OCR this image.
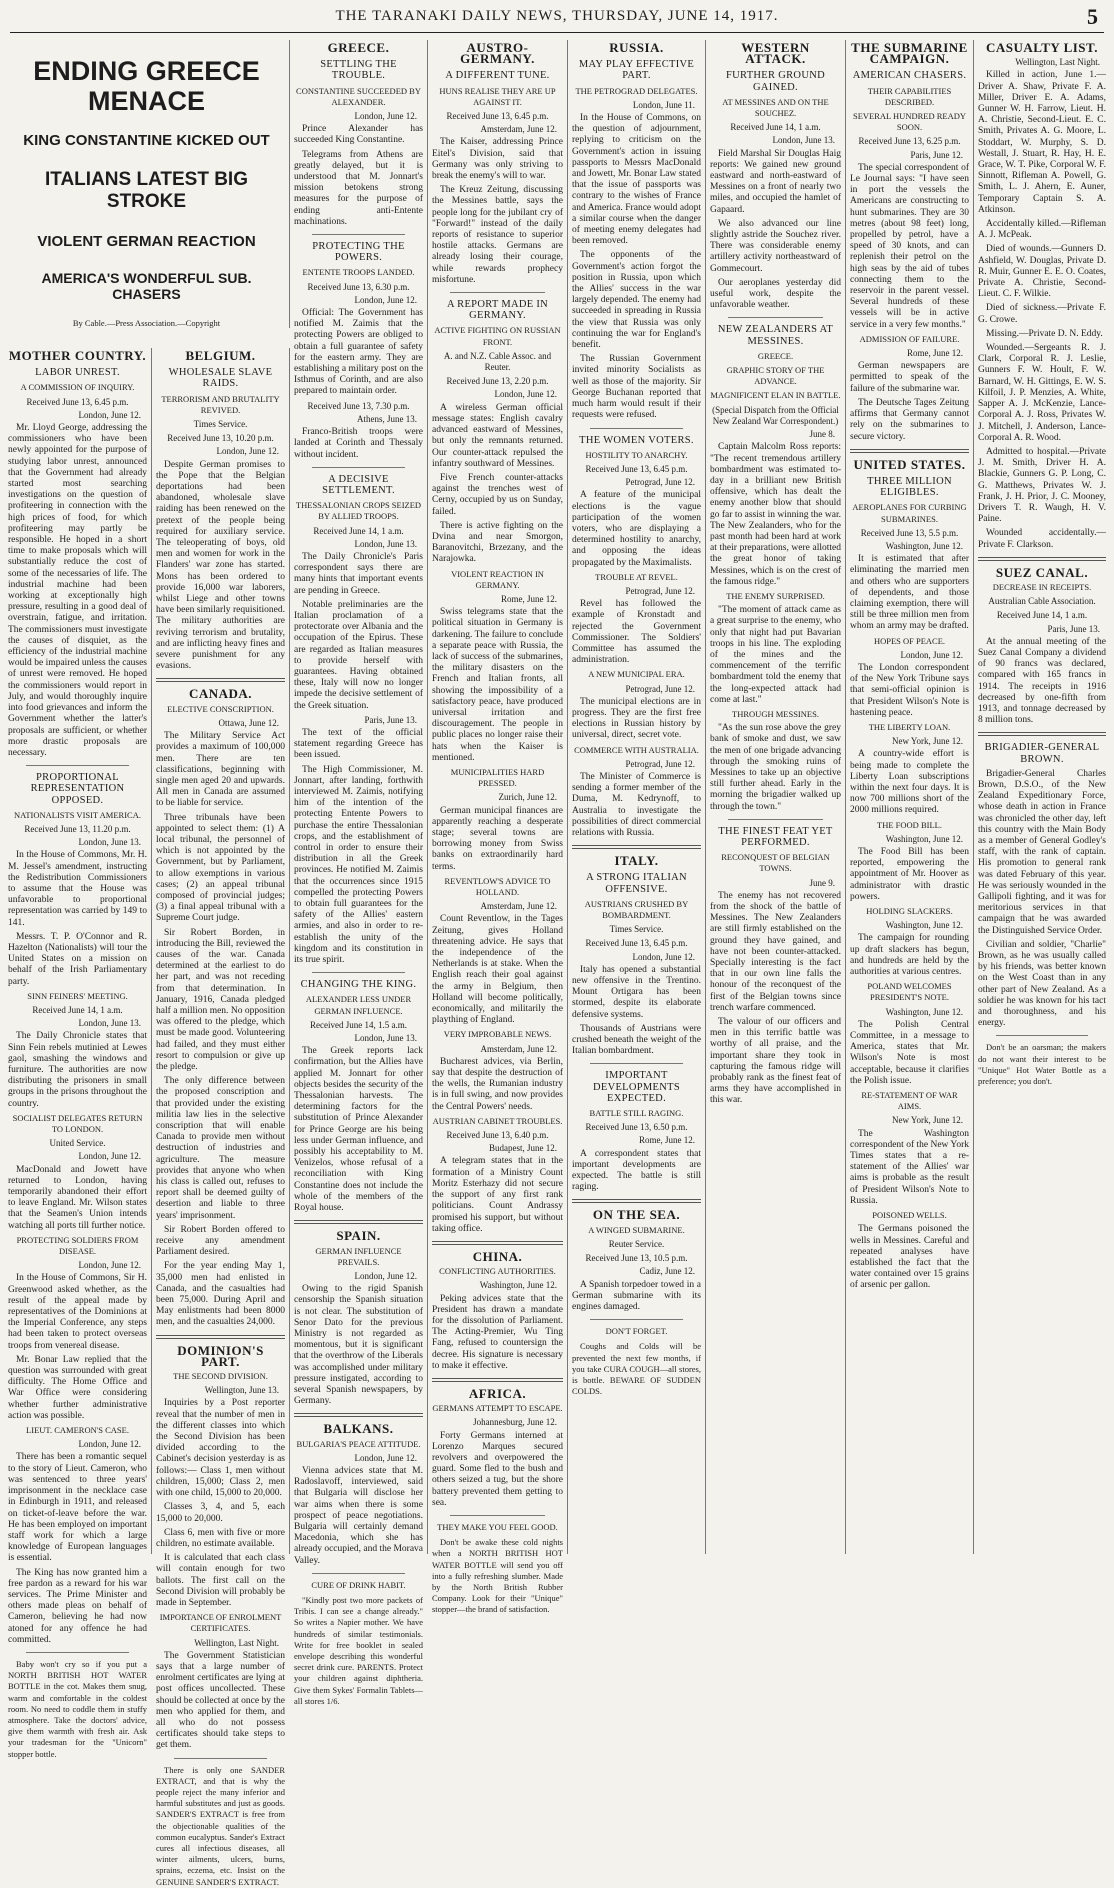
THE TARANAKI DAILY NEWS, THURSDAY, JUNE 14, 1917.	5
ENDING GREECE MENACE
KING CONSTANTINE KICKED OUT
ITALIANS LATEST BIG STROKE
VIOLENT GERMAN REACTION
AMERICA'S WONDERFUL SUB. CHASERS
By Cable.—Press Association.—Copyright
MOTHER COUNTRY.
LABOR UNREST.
A COMMISSION OF INQUIRY.
Received June 13, 6.45 p.m.
London, June 12.

Mr. Lloyd George, addressing the commissioners who have been newly appointed for the purpose of studying labor unrest, announced that the Government had already started most searching investigations on the question of profiteering in connection with the high prices of food, for which profiteering may partly be responsible. He hoped in a short time to make proposals which will substantially reduce the cost of some of the necessaries of life. The industrial machine had been working at exceptionally high pressure, resulting in a good deal of overstrain, fatigue, and irritation. The commissioners must investigate the causes of disquiet, as the efficiency of the industrial machine would be impaired unless the causes of unrest were removed. He hoped the commissioners would report in July, and would thoroughly inquire into food grievances and inform the Government whether the latter's proposals are sufficient, or whether more drastic proposals are necessary.

PROPORTIONAL REPRESENTATION OPPOSED.
NATIONALISTS VISIT AMERICA.
Received June 13, 11.20 p.m.
London, June 13.

In the House of Commons, Mr. H. M. Jessel's amendment, instructing the Redistribution Commissioners to assume that the House was unfavorable to proportional representation was carried by 149 to 141.

Messrs. T. P. O'Connor and R. Hazelton (Nationalists) will tour the United States on a mission on behalf of the Irish Parliamentary party.

SINN FEINERS' MEETING.
Received June 14, 1 a.m.
London, June 13.

The Daily Chronicle states that Sinn Fein rebels mutinied at Lewes gaol, smashing the windows and furniture. The authorities are now distributing the prisoners in small groups in the prisons throughout the country.

SOCIALIST DELEGATES RETURN TO LONDON.
United Service.
London, June 12.

MacDonald and Jowett have returned to London, having temporarily abandoned their effort to leave England. Mr. Wilson states that the Seamen's Union intends watching all ports till further notice.

PROTECTING SOLDIERS FROM DISEASE.
London, June 12.

In the House of Commons, Sir H. Greenwood asked whether, as the result of the appeal made by representatives of the Dominions at the Imperial Conference, any steps had been taken to protect overseas troops from venereal disease.

Mr. Bonar Law replied that the question was surrounded with great difficulty. The Home Office and War Office were considering whether further administrative action was possible.

LIEUT. CAMERON'S CASE.
London, June 12.

There has been a romantic sequel to the story of Lieut. Cameron, who was sentenced to three years' imprisonment in the necklace case in Edinburgh in 1911, and released on ticket-of-leave before the war. He has been employed on important staff work for which a large knowledge of European languages is essential.

The King has now granted him a free pardon as a reward for his war services. The Prime Minister and others made pleas on behalf of Cameron, believing he had now atoned for any offence he had committed.

Baby won't cry so if you put a NORTH BRITISH HOT WATER BOTTLE in the cot. Makes them snug, warm and comfortable in the coldest room. No need to coddle them in stuffy atmosphere. Take the doctors' advice, give them warmth with fresh air. Ask your tradesman for the "Unicorn" stopper bottle.

BELGIUM.
WHOLESALE SLAVE RAIDS.
TERRORISM AND BRUTALITY REVIVED.
Times Service.
Received June 13, 10.20 p.m.
London, June 12.

Despite German promises to the Pope that the Belgian deportations had been abandoned, wholesale slave raiding has been renewed on the pretext of the people being required for auxiliary service. The teleoperating of boys, old men and women for work in the Flanders' war zone has started. Mons has been ordered to provide 16,000 war laborers, whilst Liege and other towns have been similarly requisitioned. The military authorities are reviving terrorism and brutality, and are inflicting heavy fines and severe punishment for any evasions.

CANADA.
ELECTIVE CONSCRIPTION.
Ottawa, June 12.

The Military Service Act provides a maximum of 100,000 men. There are ten classifications, beginning with single men aged 20 and upwards. All men in Canada are assumed to be liable for service.

Three tribunals have been appointed to select them: (1) A local tribunal, the personnel of which is not appointed by the Government, but by Parliament, to allow exemptions in various cases; (2) an appeal tribunal composed of provincial judges; (3) a final appeal tribunal with a Supreme Court judge.

Sir Robert Borden, in introducing the Bill, reviewed the causes of the war. Canada determined at the earliest to do her part, and was not receding from that determination. In January, 1916, Canada pledged half a million men. No opposition was offered to the pledge, which must be made good. Volunteering had failed, and they must either resort to compulsion or give up the pledge.

The only difference between the proposed conscription and that provided under the existing militia law lies in the selective conscription that will enable Canada to provide men without destruction of industries and agriculture. The measure provides that anyone who when his class is called out, refuses to report shall be deemed guilty of desertion and liable to three years' imprisonment.

Sir Robert Borden offered to receive any amendment Parliament desired.

For the year ending May 1, 35,000 men had enlisted in Canada, and the casualties had been 75,000. During April and May enlistments had been 8000 men, and the casualties 24,000.

DOMINION'S PART.
THE SECOND DIVISION.
Wellington, June 13.

Inquiries by a Post reporter reveal that the number of men in the different classes into which the Second Division has been divided according to the Cabinet's decision yesterday is as follows:— Class 1, men without children, 15,000; Class 2, men with one child, 15,000 to 20,000.

Classes 3, 4, and 5, each 15,000 to 20,000.

Class 6, men with five or more children, no estimate available.

It is calculated that each class will contain enough for two ballots. The first call on the Second Division will probably be made in September.

IMPORTANCE OF ENROLMENT CERTIFICATES.
Wellington, Last Night.

The Government Statistician says that a large number of enrolment certificates are lying at post offices uncollected. These should be collected at once by the men who applied for them, and all who do not possess certificates should take steps to get them.

There is only one SANDER EXTRACT, and that is why the people reject the many inferior and harmful substitutes and just as goods. SANDER'S EXTRACT is free from the objectionable qualities of the common eucalyptus. Sander's Extract cures all infectious diseases, all winter ailments, ulcers, burns, sprains, eczema, etc. Insist on the GENUINE SANDER'S EXTRACT.

GREECE.
SETTLING THE TROUBLE.
CONSTANTINE SUCCEEDED BY ALEXANDER.
London, June 12.

Prince Alexander has succeeded King Constantine.

Telegrams from Athens are greatly delayed, but it is understood that M. Jonnart's mission betokens strong measures for the purpose of ending anti-Entente machinations.

PROTECTING THE POWERS.
ENTENTE TROOPS LANDED.
Received June 13, 6.30 p.m.
London, June 12.

Official: The Government has notified M. Zaimis that the protecting Powers are obliged to obtain a full guarantee of safety for the eastern army. They are establishing a military post on the Isthmus of Corinth, and are also prepared to maintain order.

Received June 13, 7.30 p.m.
Athens, June 13.

Franco-British troops were landed at Corinth and Thessaly without incident.

A DECISIVE SETTLEMENT.
THESSALONIAN CROPS SEIZED BY ALLIED TROOPS.
Received June 14, 1 a.m.
London, June 13.

The Daily Chronicle's Paris correspondent says there are many hints that important events are pending in Greece.

Notable preliminaries are the Italian proclamation of a protectorate over Albania and the occupation of the Epirus. These are regarded as Italian measures to provide herself with guarantees. Having obtained these, Italy will now no longer impede the decisive settlement of the Greek situation.

Paris, June 13.

The text of the official statement regarding Greece has been issued.

The High Commissioner, M. Jonnart, after landing, forthwith interviewed M. Zaimis, notifying him of the intention of the protecting Entente Powers to purchase the entire Thessalonian crops, and the establishment of control in order to ensure their distribution in all the Greek provinces. He notified M. Zaimis that the occurrences since 1915 compelled the protecting Powers to obtain full guarantees for the safety of the Allies' eastern armies, and also in order to re-establish the unity of the kingdom and its constitution in its true spirit.

CHANGING THE KING.
ALEXANDER LESS UNDER GERMAN INFLUENCE.
Received June 14, 1.5 a.m.
London, June 13.

The Greek reports lack confirmation, but the Allies have applied M. Jonnart for other objects besides the security of the Thessalonian harvests. The determining factors for the substitution of Prince Alexander for Prince George are his being less under German influence, and possibly his acceptability to M. Venizelos, whose refusal of a reconciliation with King Constantine does not include the whole of the members of the Royal house.

SPAIN.
GERMAN INFLUENCE PREVAILS.
London, June 12.

Owing to the rigid Spanish censorship the Spanish situation is not clear. The substitution of Senor Dato for the previous Ministry is not regarded as momentous, but it is significant that the overthrow of the Liberals was accomplished under military pressure instigated, according to several Spanish newspapers, by Germany.

BALKANS.
BULGARIA'S PEACE ATTITUDE.
London, June 12.

Vienna advices state that M. Radoslavoff, interviewed, said that Bulgaria will disclose her war aims when there is some prospect of peace negotiations. Bulgaria will certainly demand Macedonia, which she has already occupied, and the Morava Valley.

CURE OF DRINK HABIT.

"Kindly post two more packets of Tribis. I can see a change already." So writes a Napier mother. We have hundreds of similar testimonials. Write for free booklet in sealed envelope describing this wonderful secret drink cure. PARENTS. Protect your children against diphtheria. Give them Sykes' Formalin Tablets—all stores 1/6.

AUSTRO-GERMANY.
A DIFFERENT TUNE.
HUNS REALISE THEY ARE UP AGAINST IT.
Received June 13, 6.45 p.m.
Amsterdam, June 12.

The Kaiser, addressing Prince Eitel's Division, said that Germany was only striving to break the enemy's will to war.

The Kreuz Zeitung, discussing the Messines battle, says the people long for the jubilant cry of "Forward!" instead of the daily reports of resistance to superior hostile attacks. Germans are already losing their courage, while rewards prophecy misfortune.

A REPORT MADE IN GERMANY.
ACTIVE FIGHTING ON RUSSIAN FRONT.
A. and N.Z. Cable Assoc. and Reuter.
Received June 13, 2.20 p.m.
London, June 12.

A wireless German official message states: English cavalry advanced eastward of Messines, but only the remnants returned. Our counter-attack repulsed the infantry southward of Messines.

Five French counter-attacks against the trenches west of Cerny, occupied by us on Sunday, failed.

There is active fighting on the Dvina and near Smorgon, Baranovitchi, Brzezany, and the Narajowka.

VIOLENT REACTION IN GERMANY.
Rome, June 12.

Swiss telegrams state that the political situation in Germany is darkening. The failure to conclude a separate peace with Russia, the lack of success of the submarines, the military disasters on the French and Italian fronts, all showing the impossibility of a satisfactory peace, have produced universal irritation and discouragement. The people in public places no longer raise their hats when the Kaiser is mentioned.

MUNICIPALITIES HARD PRESSED.
Zurich, June 12.

German municipal finances are apparently reaching a desperate stage; several towns are borrowing money from Swiss banks on extraordinarily hard terms.

REVENTLOW'S ADVICE TO HOLLAND.
Amsterdam, June 12.

Count Reventlow, in the Tages Zeitung, gives Holland threatening advice. He says that the independence of the Netherlands is at stake. When the English reach their goal against the army in Belgium, then Holland will become politically, economically, and militarily the plaything of England.

VERY IMPROBABLE NEWS.
Amsterdam, June 12.

Bucharest advices, via Berlin, say that despite the destruction of the wells, the Rumanian industry is in full swing, and now provides the Central Powers' needs.

AUSTRIAN CABINET TROUBLES.
Received June 13, 6.40 p.m.
Budapest, June 12.

A telegram states that in the formation of a Ministry Count Moritz Esterhazy did not secure the support of any first rank politicians. Count Andrassy promised his support, but without taking office.

CHINA.
CONFLICTING AUTHORITIES.
Washington, June 12.

Peking advices state that the President has drawn a mandate for the dissolution of Parliament. The Acting-Premier, Wu Ting Fang, refused to countersign the decree. His signature is necessary to make it effective.

AFRICA.
GERMANS ATTEMPT TO ESCAPE.
Johannesburg, June 12.

Forty Germans interned at Lorenzo Marques secured revolvers and overpowered the guard. Some fled to the bush and others seized a tug, but the shore battery prevented them getting to sea.

THEY MAKE YOU FEEL GOOD.

Don't be awake these cold nights when a NORTH BRITISH HOT WATER BOTTLE will send you off into a fully refreshing slumber. Made by the North British Rubber Company. Look for their "Unique" stopper—the brand of satisfaction.

RUSSIA.
MAY PLAY EFFECTIVE PART.
THE PETROGRAD DELEGATES.
London, June 11.

In the House of Commons, on the question of adjournment, replying to criticism on the Government's action in issuing passports to Messrs MacDonald and Jowett, Mr. Bonar Law stated that the issue of passports was contrary to the wishes of France and America. France would adopt a similar course when the danger of meeting enemy delegates had been removed.

The opponents of the Government's action forgot the position in Russia, upon which the Allies' success in the war largely depended. The enemy had succeeded in spreading in Russia the view that Russia was only continuing the war for England's benefit.

The Russian Government invited minority Socialists as well as those of the majority. Sir George Buchanan reported that much harm would result if their requests were refused.

THE WOMEN VOTERS.
HOSTILITY TO ANARCHY.
Received June 13, 6.45 p.m.
Petrograd, June 12.

A feature of the municipal elections is the vague participation of the women voters, who are displaying a determined hostility to anarchy, and opposing the ideas propagated by the Maximalists.

TROUBLE AT REVEL.
Petrograd, June 12.

Revel has followed the example of Kronstadt and rejected the Government Commissioner. The Soldiers' Committee has assumed the administration.

A NEW MUNICIPAL ERA.
Petrograd, June 12.

The municipal elections are in progress. They are the first free elections in Russian history by universal, direct, secret vote.

COMMERCE WITH AUSTRALIA.
Petrograd, June 12.

The Minister of Commerce is sending a former member of the Duma, M. Kedrynoff, to Australia to investigate the possibilities of direct commercial relations with Russia.

ITALY.
A STRONG ITALIAN OFFENSIVE.
AUSTRIANS CRUSHED BY BOMBARDMENT.
Times Service.
Received June 13, 6.45 p.m.
London, June 12.

Italy has opened a substantial new offensive in the Trentino. Mount Ortigara has been stormed, despite its elaborate defensive systems.

Thousands of Austrians were crushed beneath the weight of the Italian bombardment.

IMPORTANT DEVELOPMENTS EXPECTED.
BATTLE STILL RAGING.
Received June 13, 6.50 p.m.
Rome, June 12.

A correspondent states that important developments are expected. The battle is still raging.

ON THE SEA.
A WINGED SUBMARINE.
Reuter Service.
Received June 13, 10.5 p.m.
Cadiz, June 12.

A Spanish torpedoer towed in a German submarine with its engines damaged.

DON'T FORGET.

Coughs and Colds will be prevented the next few months, if you take CURA COUGH—all stores, is bottle. BEWARE OF SUDDEN COLDS.

WESTERN ATTACK.
FURTHER GROUND GAINED.
AT MESSINES AND ON THE SOUCHEZ.
Received June 14, 1 a.m.
London, June 13.

Field Marshal Sir Douglas Haig reports: We gained new ground eastward and north-eastward of Messines on a front of nearly two miles, and occupied the hamlet of Gapaard.

We also advanced our line slightly astride the Souchez river. There was considerable enemy artillery activity northeastward of Gommecourt.

Our aeroplanes yesterday did useful work, despite the unfavorable weather.

NEW ZEALANDERS AT MESSINES.
GREECE.
GRAPHIC STORY OF THE ADVANCE.
MAGNIFICENT ELAN IN BATTLE.
(Special Dispatch from the Official New Zealand War Correspondent.)
June 8.

Captain Malcolm Ross reports: "The recent tremendous artillery bombardment was estimated to-day in a brilliant new British offensive, which has dealt the enemy another blow that should go far to assist in winning the war. The New Zealanders, who for the past month had been hard at work at their preparations, were allotted the great honor of taking Messines, which is on the crest of the famous ridge."

THE ENEMY SURPRISED.

"The moment of attack came as a great surprise to the enemy, who only that night had put Bavarian troops in his line. The exploding of the mines and the commencement of the terrific bombardment told the enemy that the long-expected attack had come at last."

THROUGH MESSINES.

"As the sun rose above the grey bank of smoke and dust, we saw the men of one brigade advancing through the smoking ruins of Messines to take up an objective still further ahead. Early in the morning the brigadier walked up through the town."

THE FINEST FEAT YET PERFORMED.
RECONQUEST OF BELGIAN TOWNS.
June 9.

The enemy has not recovered from the shock of the battle of Messines. The New Zealanders are still firmly established on the ground they have gained, and have not been counter-attacked. Specially interesting is the fact that in our own line falls the honour of the reconquest of the first of the Belgian towns since trench warfare commenced.

The valour of our officers and men in this terrific battle was worthy of all praise, and the important share they took in capturing the famous ridge will probably rank as the finest feat of arms they have accomplished in this war.

THE SUBMARINE CAMPAIGN.
AMERICAN CHASERS.
THEIR CAPABILITIES DESCRIBED.
SEVERAL HUNDRED READY SOON.
Received June 13, 6.25 p.m.
Paris, June 12.

The special correspondent of Le Journal says: "I have seen in port the vessels the Americans are constructing to hunt submarines. They are 30 metres (about 98 feet) long, propelled by petrol, have a speed of 30 knots, and can replenish their petrol on the high seas by the aid of tubes connecting them to the reservoir in the parent vessel. Several hundreds of these vessels will be in active service in a very few months."

ADMISSION OF FAILURE.
Rome, June 12.

German newspapers are permitted to speak of the failure of the submarine war.

The Deutsche Tages Zeitung affirms that Germany cannot rely on the submarines to secure victory.

UNITED STATES.
THREE MILLION ELIGIBLES.
AEROPLANES FOR CURBING SUBMARINES.
Received June 13, 5.5 p.m.
Washington, June 12.

It is estimated that after eliminating the married men and others who are supporters of dependents, and those claiming exemption, there will still be three million men from whom an army may be drafted.

HOPES OF PEACE.
London, June 12.

The London correspondent of the New York Tribune says that semi-official opinion is that President Wilson's Note is hastening peace.

THE LIBERTY LOAN.
New York, June 12.

A country-wide effort is being made to complete the Liberty Loan subscriptions within the next four days. It is now 700 millions short of the 2000 millions required.

THE FOOD BILL.
Washington, June 12.

The Food Bill has been reported, empowering the appointment of Mr. Hoover as administrator with drastic powers.

HOLDING SLACKERS.
Washington, June 12.

The campaign for rounding up draft slackers has begun, and hundreds are held by the authorities at various centres.

POLAND WELCOMES PRESIDENT'S NOTE.
Washington, June 12.

The Polish Central Committee, in a message to America, states that Mr. Wilson's Note is most acceptable, because it clarifies the Polish issue.

RE-STATEMENT OF WAR AIMS.
New York, June 12.

The Washington correspondent of the New York Times states that a re-statement of the Allies' war aims is probable as the result of President Wilson's Note to Russia.

POISONED WELLS.

The Germans poisoned the wells in Messines. Careful and repeated analyses have established the fact that the water contained over 15 grains of arsenic per gallon.

CASUALTY LIST.
Wellington, Last Night.

Killed in action, June 1.—Driver A. Shaw, Private F. A. Miller, Driver E. A. Adams, Gunner W. H. Farrow, Lieut. H. A. Christie, Second-Lieut. E. C. Smith, Privates A. G. Moore, L. Stoddart, W. Murphy, S. D. Westall, J. Stuart, R. Hay, H. E. Grace, W. T. Pike, Corporal W. F. Sinnott, Rifleman A. Powell, G. Smith, L. J. Ahern, E. Auner, Temporary Captain S. A. Atkinson.

Accidentally killed.—Rifleman A. J. McPeak.

Died of wounds.—Gunners D. Ashfield, W. Douglas, Private D. R. Muir, Gunner E. E. O. Coates, Private A. Christie, Second-Lieut. C. F. Wilkie.

Died of sickness.—Private F. G. Crowe.

Missing.—Private D. N. Eddy.

Wounded.—Sergeants R. J. Clark, Corporal R. J. Leslie, Gunners F. W. Hoult, F. W. Barnard, W. H. Gittings, E. W. S. Kilfoil, J. P. Menzies, A. White, Sapper A. J. McKenzie, Lance-Corporal A. J. Ross, Privates W. J. Mitchell, J. Anderson, Lance-Corporal A. R. Wood.

Admitted to hospital.—Private J. M. Smith, Driver H. A. Blackie, Gunners G. P. Long, C. G. Matthews, Privates W. J. Frank, J. H. Prior, J. C. Mooney, Drivers T. R. Waugh, H. V. Paine.

Wounded accidentally.—Private F. Clarkson.

SUEZ CANAL.
DECREASE IN RECEIPTS.
Australian Cable Association.
Received June 14, 1 a.m.
Paris, June 13.

At the annual meeting of the Suez Canal Company a dividend of 90 francs was declared, compared with 165 francs in 1914. The receipts in 1916 decreased by one-fifth from 1913, and tonnage decreased by 8 million tons.

BRIGADIER-GENERAL BROWN.

Brigadier-General Charles Brown, D.S.O., of the New Zealand Expeditionary Force, whose death in action in France was chronicled the other day, left this country with the Main Body as a member of General Godley's staff, with the rank of captain. His promotion to general rank was dated February of this year. He was seriously wounded in the Gallipoli fighting, and it was for meritorious services in that campaign that he was awarded the Distinguished Service Order.

Civilian and soldier, "Charlie" Brown, as he was usually called by his friends, was better known on the West Coast than in any other part of New Zealand. As a soldier he was known for his tact and thoroughness, and his energy.

Don't be an oarsman; the makers do not want their interest to be "Unique" Hot Water Bottle as a preference; you don't.
